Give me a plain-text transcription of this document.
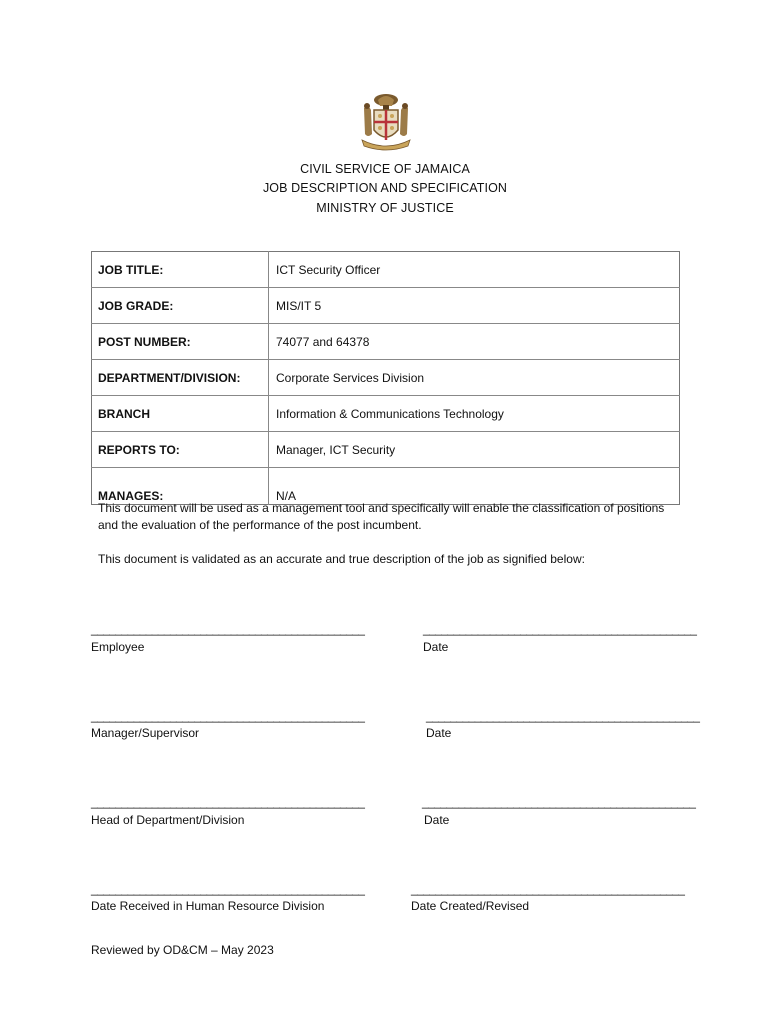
CIVIL SERVICE OF JAMAICA
JOB DESCRIPTION AND SPECIFICATION
MINISTRY OF JUSTICE
JOB TITLE:	ICT Security Officer
JOB GRADE:	MIS/IT 5
POST NUMBER:	74077 and 64378
DEPARTMENT/DIVISION:	Corporate Services Division
BRANCH	Information & Communications Technology
REPORTS TO:	Manager, ICT Security
MANAGES:	N/A
This document will be used as a management tool and specifically will enable the classification of positions and the evaluation of the performance of the post incumbent.
This document is validated as an accurate and true description of the job as signified below:
_____________________________________________
Employee
_____________________________________________
Date
_____________________________________________
Manager/Supervisor
_____________________________________________
Date
_____________________________________________
Head of Department/Division
_____________________________________________
Date
_____________________________________________
Date Received in Human Resource Division
_____________________________________________
Date Created/Revised
Reviewed by OD&CM – May 2023
